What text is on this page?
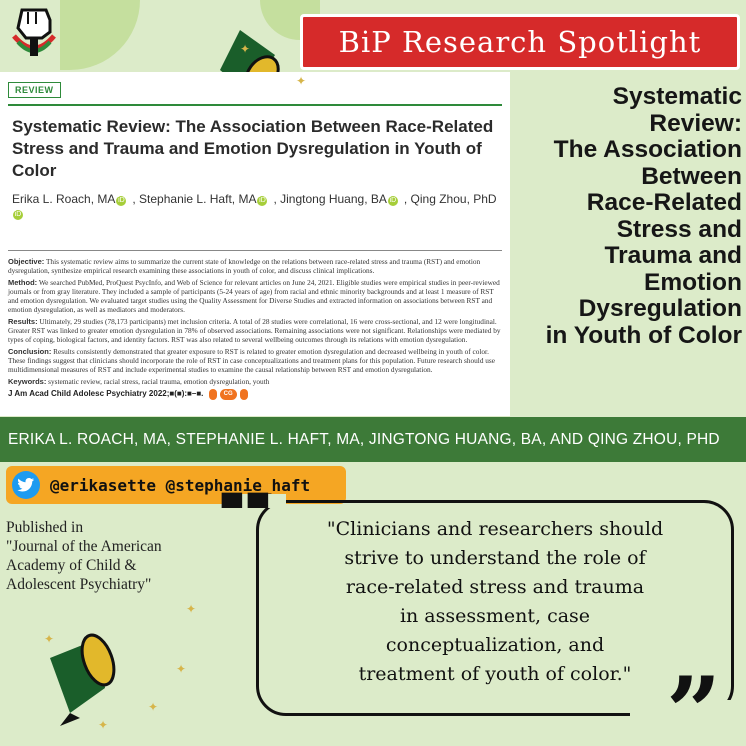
BiP Research Spotlight
REVIEW
Systematic Review: The Association Between Race-Related Stress and Trauma and Emotion Dysregulation in Youth of Color
Erika L. Roach, MA iD , Stephanie L. Haft, MA iD , Jingtong Huang, BA iD , Qing Zhou, PhDiD

Objective: This systematic review aims to summarize the current state of knowledge on the relations between race-related stress and trauma (RST) and emotion dysregulation, synthesize empirical research examining these associations in youth of color, and discuss clinical implications.

Method: We searched PubMed, ProQuest PsycInfo, and Web of Science for relevant articles on June 24, 2021. Eligible studies were empirical studies in peer-reviewed journals or from gray literature. They included a sample of participants (5-24 years of age) from racial and ethnic minority backgrounds and at least 1 measure of RST and emotion dysregulation. We evaluated target studies using the Quality Assessment for Diverse Studies and extracted information on associations between RST and emotion dysregulation, as well as mediators and moderators.

Results: Ultimately, 29 studies (78,173 participants) met inclusion criteria. A total of 28 studies were correlational, 16 were cross-sectional, and 12 were longitudinal. Greater RST was linked to greater emotion dysregulation in 78% of observed associations. Remaining associations were not significant. Relationships were mediated by types of coping, biological factors, and identity factors. RST was also related to several wellbeing outcomes through its relations with emotion dysregulation.

Conclusion: Results consistently demonstrated that greater exposure to RST is related to greater emotion dysregulation and decreased wellbeing in youth of color. These findings suggest that clinicians should incorporate the role of RST in case conceptualizations and treatment plans for this population. Future research should use multidimensional measures of RST and include experimental studies to examine the causal relationship between RST and emotion dysregulation.

Keywords: systematic review, racial stress, racial trauma, emotion dysregulation, youth

J Am Acad Child Adolesc Psychiatry 2022;■(■):■–■.	CG
Systematic
Review:
The Association
Between
Race-Related
Stress and
Trauma and
Emotion
Dysregulation
in Youth of Color
ERIKA L. ROACH, MA, STEPHANIE L. HAFT, MA, JINGTONG HUANG, BA, AND QING ZHOU, PHD
@erikasette @stephanie_haft
Published in
"Journal of the American
Academy of Child &
Adolescent Psychiatry"
✦
✦
✦
✦
✦
✦
✦
▀▀
”
"Clinicians and researchers should
strive to understand the role of
race-related stress and trauma
in assessment, case
conceptualization, and
treatment of youth of color."
